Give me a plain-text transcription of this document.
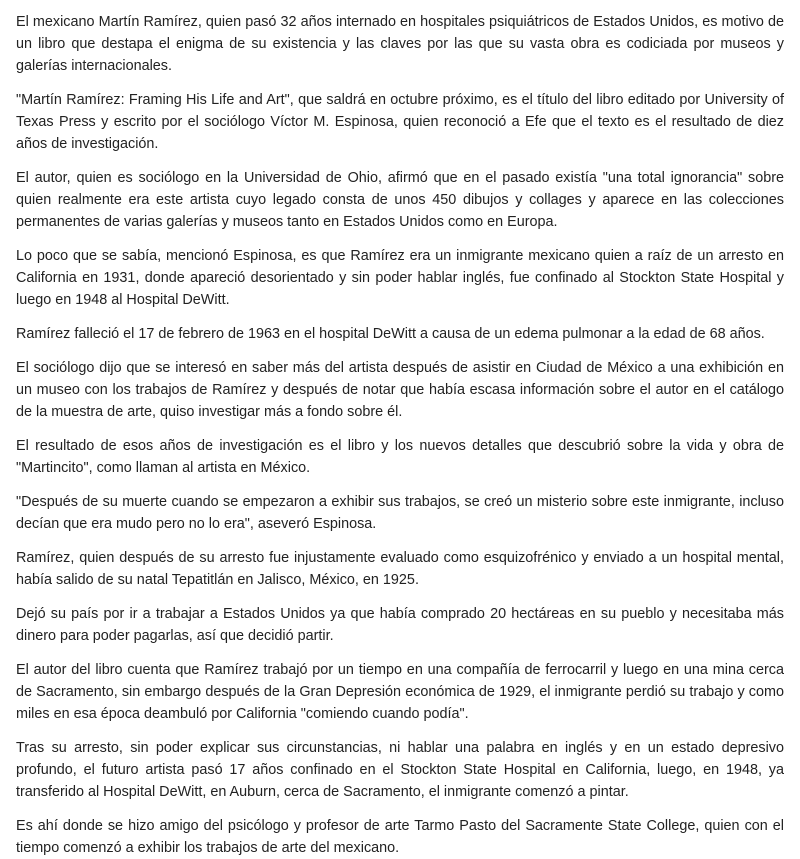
El mexicano Martín Ramírez, quien pasó 32 años internado en hospitales psiquiátricos de Estados Unidos, es motivo de un libro que destapa el enigma de su existencia y las claves por las que su vasta obra es codiciada por museos y galerías internacionales.

"Martín Ramírez: Framing His Life and Art", que saldrá en octubre próximo, es el título del libro editado por University of Texas Press y escrito por el sociólogo Víctor M. Espinosa, quien reconoció a Efe que el texto es el resultado de diez años de investigación.

El autor, quien es sociólogo en la Universidad de Ohio, afirmó que en el pasado existía "una total ignorancia" sobre quien realmente era este artista cuyo legado consta de unos 450 dibujos y collages y aparece en las colecciones permanentes de varias galerías y museos tanto en Estados Unidos como en Europa.

Lo poco que se sabía, mencionó Espinosa, es que Ramírez era un inmigrante mexicano quien a raíz de un arresto en California en 1931, donde apareció desorientado y sin poder hablar inglés, fue confinado al Stockton State Hospital y luego en 1948 al Hospital DeWitt.

Ramírez falleció el 17 de febrero de 1963 en el hospital DeWitt a causa de un edema pulmonar a la edad de 68 años.

El sociólogo dijo que se interesó en saber más del artista después de asistir en Ciudad de México a una exhibición en un museo con los trabajos de Ramírez y después de notar que había escasa información sobre el autor en el catálogo de la muestra de arte, quiso investigar más a fondo sobre él.

El resultado de esos años de investigación es el libro y los nuevos detalles que descubrió sobre la vida y obra de "Martincito", como llaman al artista en México.

"Después de su muerte cuando se empezaron a exhibir sus trabajos, se creó un misterio sobre este inmigrante, incluso decían que era mudo pero no lo era", aseveró Espinosa.

Ramírez, quien después de su arresto fue injustamente evaluado como esquizofrénico y enviado a un hospital mental, había salido de su natal Tepatitlán en Jalisco, México, en 1925.

Dejó su país por ir a trabajar a Estados Unidos ya que había comprado 20 hectáreas en su pueblo y necesitaba más dinero para poder pagarlas, así que decidió partir.

El autor del libro cuenta que Ramírez trabajó por un tiempo en una compañía de ferrocarril y luego en una mina cerca de Sacramento, sin embargo después de la Gran Depresión económica de 1929, el inmigrante perdió su trabajo y como miles en esa época deambuló por California "comiendo cuando podía".

Tras su arresto, sin poder explicar sus circunstancias, ni hablar una palabra en inglés y en un estado depresivo profundo, el futuro artista pasó 17 años confinado en el Stockton State Hospital en California, luego, en 1948, ya transferido al Hospital DeWitt, en Auburn, cerca de Sacramento, el inmigrante comenzó a pintar.

Es ahí donde se hizo amigo del psicólogo y profesor de arte Tarmo Pasto del Sacramente State College, quien con el tiempo comenzó a exhibir los trabajos de arte del mexicano.
